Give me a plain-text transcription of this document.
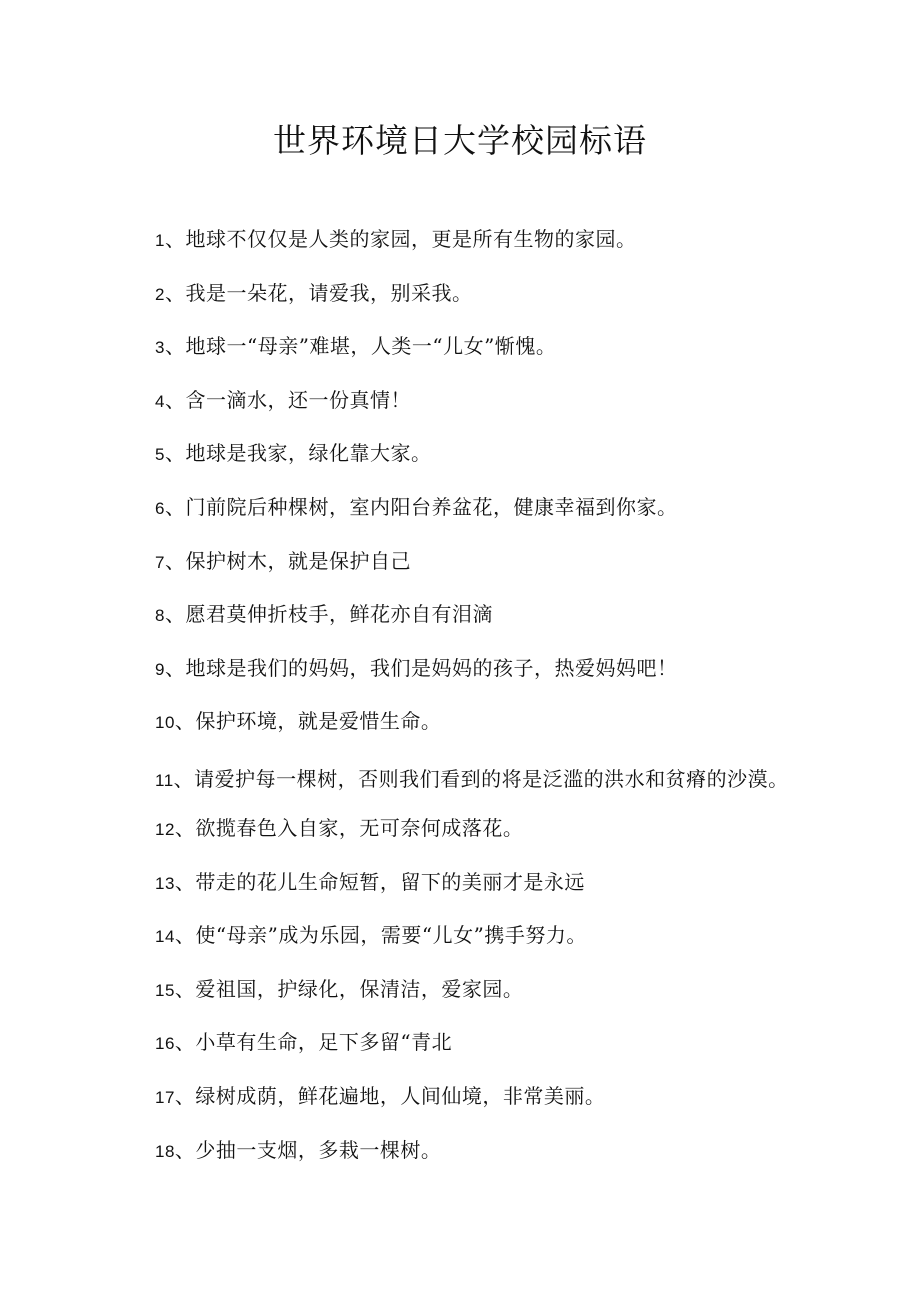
世界环境日大学校园标语
1、地球不仅仅是人类的家园，更是所有生物的家园。
2、我是一朵花，请爱我，别采我。
3、地球一“母亲”难堪，人类一“儿女”惭愧。
4、含一滴水，还一份真情！
5、地球是我家，绿化靠大家。
6、门前院后种棵树，室内阳台养盆花，健康幸福到你家。
7、保护树木，就是保护自己
8、愿君莫伸折枝手，鲜花亦自有泪滴
9、地球是我们的妈妈，我们是妈妈的孩子，热爱妈妈吧！
10、保护环境，就是爱惜生命。
11、请爱护每一棵树，否则我们看到的将是泛滥的洪水和贫瘠的沙漠。
12、欲揽春色入自家，无可奈何成落花。
13、带走的花儿生命短暂，留下的美丽才是永远
14、使“母亲”成为乐园，需要“儿女”携手努力。
15、爱祖国，护绿化，保清洁，爱家园。
16、小草有生命，足下多留“青北
17、绿树成荫，鲜花遍地，人间仙境，非常美丽。
18、少抽一支烟，多栽一棵树。
